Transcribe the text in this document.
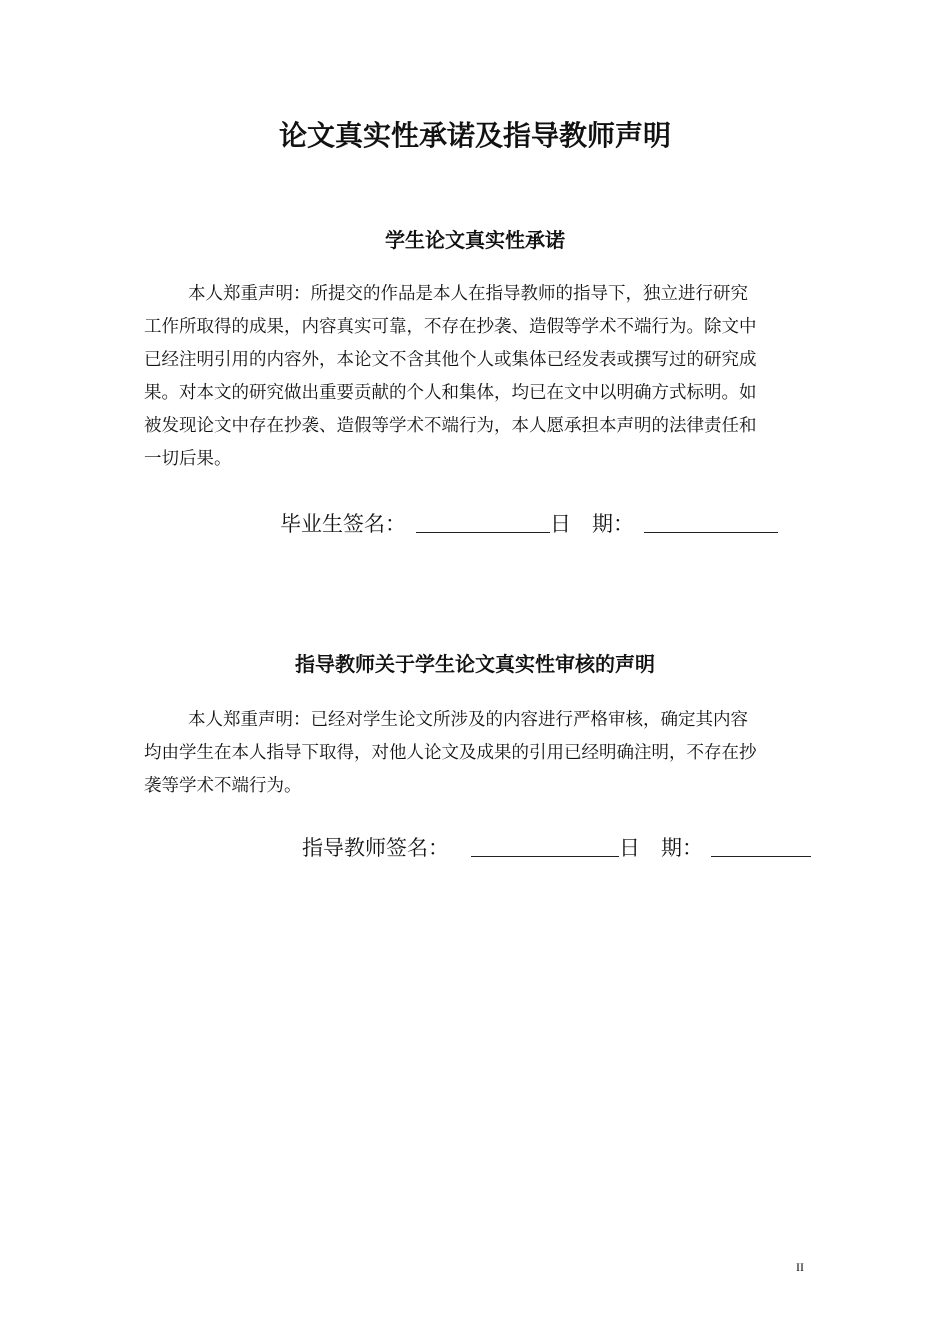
论文真实性承诺及指导教师声明
学生论文真实性承诺
本人郑重声明：所提交的作品是本人在指导教师的指导下，独立进行研究
工作所取得的成果，内容真实可靠，不存在抄袭、造假等学术不端行为。除文中
已经注明引用的内容外，本论文不含其他个人或集体已经发表或撰写过的研究成
果。对本文的研究做出重要贡献的个人和集体，均已在文中以明确方式标明。如
被发现论文中存在抄袭、造假等学术不端行为，本人愿承担本声明的法律责任和
一切后果。
毕业生签名：	日　期：
指导教师关于学生论文真实性审核的声明
本人郑重声明：已经对学生论文所涉及的内容进行严格审核，确定其内容
均由学生在本人指导下取得，对他人论文及成果的引用已经明确注明，不存在抄
袭等学术不端行为。
指导教师签名：	日　期：
II
